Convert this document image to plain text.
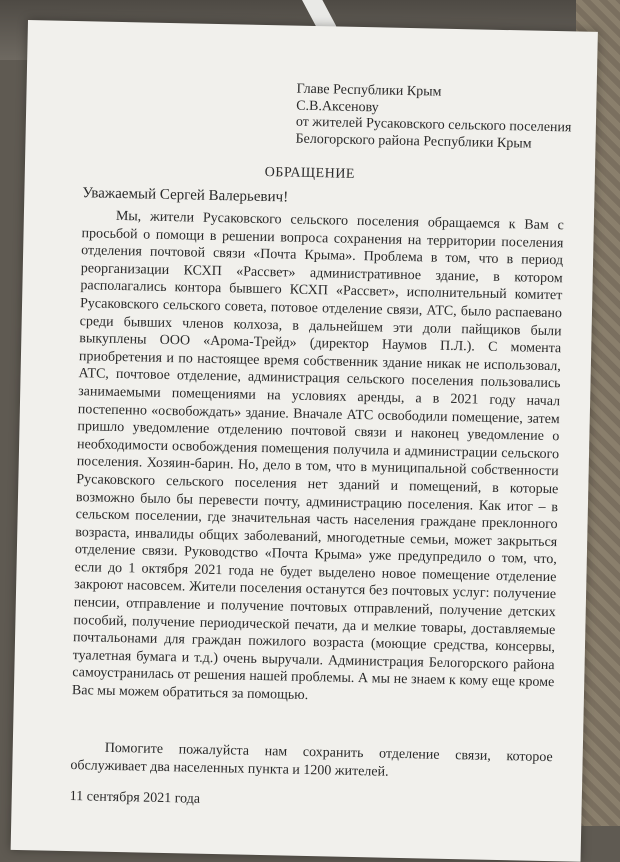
Главе Республики Крым
С.В.Аксенову
от жителей Русаковского сельского поселения
Белогорского района Республики Крым
ОБРАЩЕНИЕ
Уважаемый Сергей Валерьевич!

Мы, жители Русаковского сельского поселения обращаемся к Вам с просьбой о помощи в решении вопроса сохранения на территории поселения отделения почтовой связи «Почта Крыма». Проблема в том, что в период реорганизации КСХП «Рассвет» административное здание, в котором располагались контора бывшего КСХП «Рассвет», исполнительный комитет Русаковского сельского совета, потовое отделение связи, АТС, было распаевано среди бывших членов колхоза, в дальнейшем эти доли пайщиков были выкуплены ООО «Арома-Трейд» (директор Наумов П.Л.). С момента приобретения и по настоящее время собственник здание никак не использовал, АТС, почтовое отделение, администрация сельского поселения пользовались занимаемыми помещениями на условиях аренды, а в 2021 году начал постепенно «освобождать» здание. Вначале АТС освободили помещение, затем пришло уведомление отделению почтовой связи и наконец уведомление о необходимости освобождения помещения получила и администрации сельского поселения. Хозяин-барин. Но, дело в том, что в муниципальной собственности Русаковского сельского поселения нет зданий и помещений, в которые возможно было бы перевести почту, администрацию поселения. Как итог – в сельском поселении, где значительная часть населения граждане преклонного возраста, инвалиды общих заболеваний, многодетные семьи, может закрыться отделение связи. Руководство «Почта Крыма» уже предупредило о том, что, если до 1 октября 2021 года не будет выделено новое помещение отделение закроют насовсем. Жители поселения останутся без почтовых услуг: получение пенсии, отправление и получение почтовых отправлений, получение детских пособий, получение периодической печати, да и мелкие товары, доставляемые почтальонами для граждан пожилого возраста (моющие средства, консервы, туалетная бумага и т.д.) очень выручали. Администрация Белогорского района самоустранилась от решения нашей проблемы. А мы не знаем к кому еще кроме Вас мы можем обратиться за помощью.

Помогите пожалуйста нам сохранить отделение связи, которое обслуживает два населенных пункта и 1200 жителей.

11 сентября 2021 года
